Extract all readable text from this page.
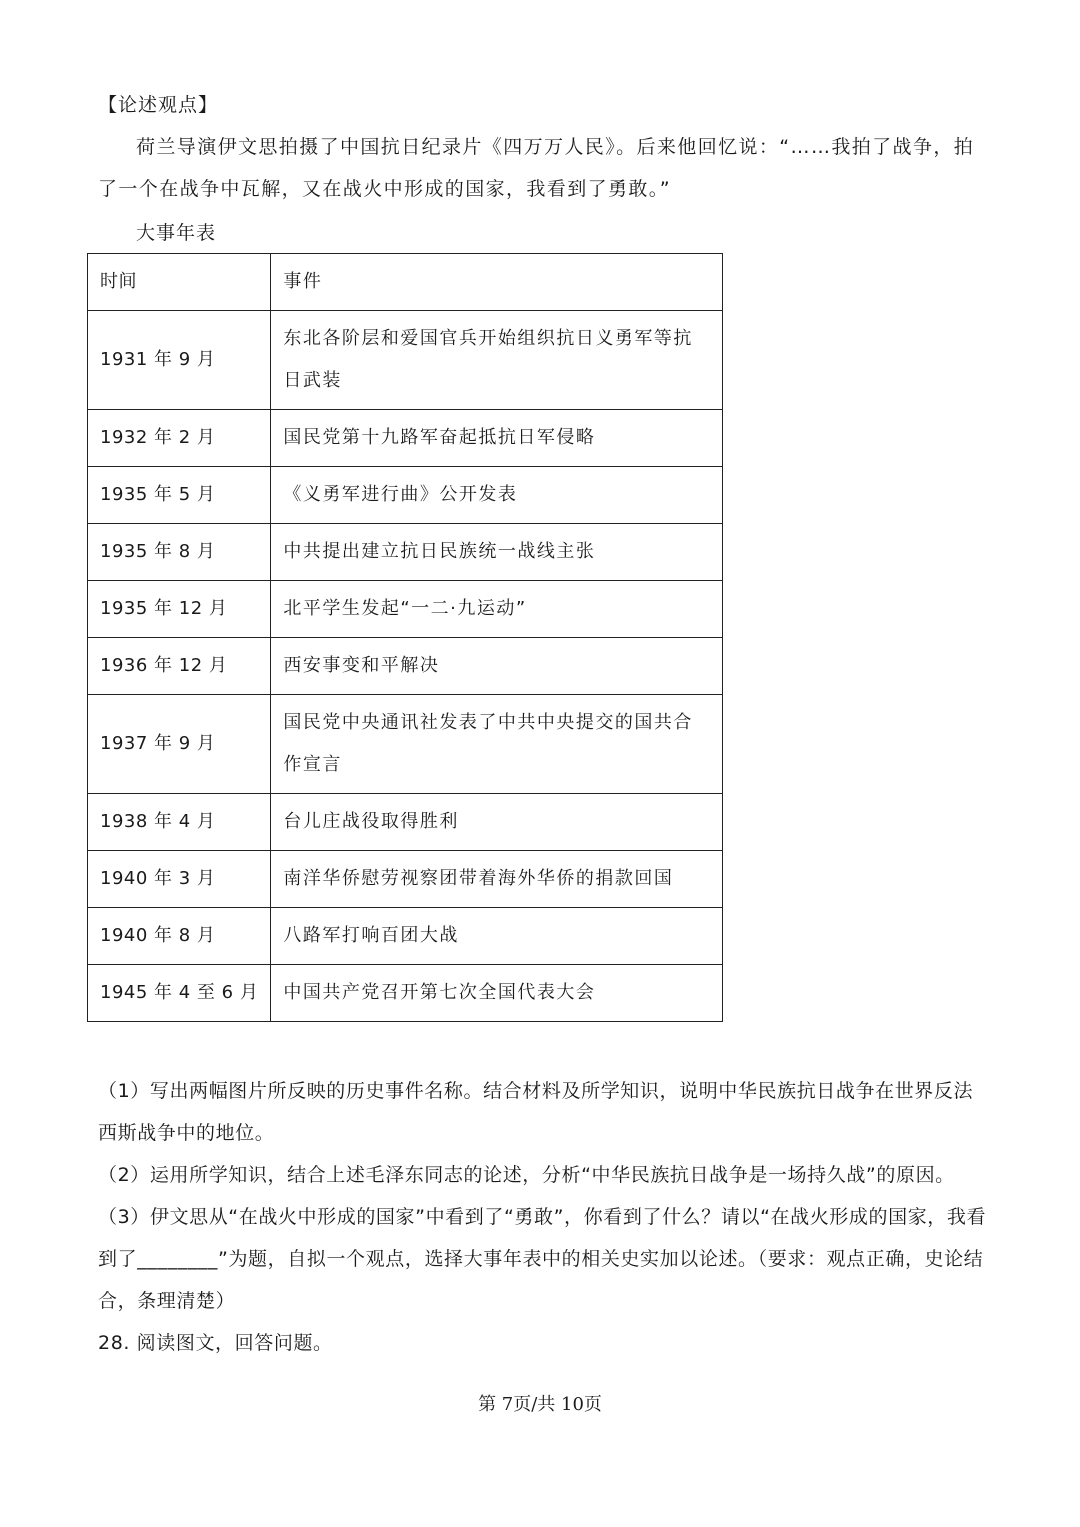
【论述观点】
荷兰导演伊文思拍摄了中国抗日纪录片《四万万人民》。后来他回忆说：“……我拍了战争，拍了一个在战争中瓦解，又在战火中形成的国家，我看到了勇敢。”
大事年表
时间	事件
1931 年 9 月	东北各阶层和爱国官兵开始组织抗日义勇军等抗日武装
1932 年 2 月	国民党第十九路军奋起抵抗日军侵略
1935 年 5 月	《义勇军进行曲》公开发表
1935 年 8 月	中共提出建立抗日民族统一战线主张
1935 年 12 月	北平学生发起“一二·九运动”
1936 年 12 月	西安事变和平解决
1937 年 9 月	国民党中央通讯社发表了中共中央提交的国共合作宣言
1938 年 4 月	台儿庄战役取得胜利
1940 年 3 月	南洋华侨慰劳视察团带着海外华侨的捐款回国
1940 年 8 月	八路军打响百团大战
1945 年 4 至 6 月	中国共产党召开第七次全国代表大会

（1）写出两幅图片所反映的历史事件名称。结合材料及所学知识，说明中华民族抗日战争在世界反法西斯战争中的地位。

（2）运用所学知识，结合上述毛泽东同志的论述，分析“中华民族抗日战争是一场持久战”的原因。

（3）伊文思从“在战火中形成的国家”中看到了“勇敢”，你看到了什么？请以“在战火形成的国家，我看到了________”为题，自拟一个观点，选择大事年表中的相关史实加以论述。（要求：观点正确，史论结合，条理清楚）

28. 阅读图文，回答问题。

第 7页/共 10页
